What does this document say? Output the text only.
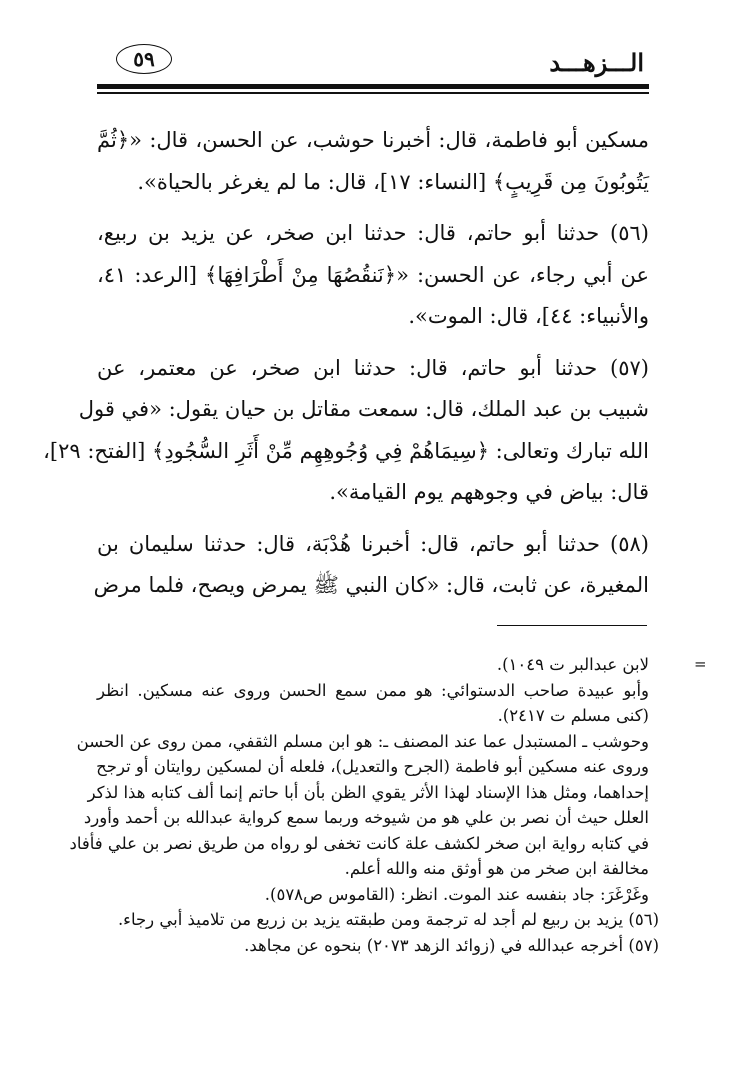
الـــزهـــد
٥٩
مسكين أبو فاطمة، قال: أخبرنا حوشب، عن الحسن، قال: «﴿ثُمَّ
يَتُوبُونَ مِن قَرِيبٍ﴾ [النساء: ١٧]، قال: ما لم يغرغر بالحياة».
(٥٦) حدثنا أبو حاتم، قال: حدثنا ابن صخر، عن يزيد بن ربيع،
عن أبي رجاء، عن الحسن: «﴿نَنقُصُهَا مِنْ أَطْرَافِهَا﴾ [الرعد: ٤١،
والأنبياء: ٤٤]، قال: الموت».
(٥٧) حدثنا أبو حاتم، قال: حدثنا ابن صخر، عن معتمر، عن
شبيب بن عبد الملك، قال: سمعت مقاتل بن حيان يقول: «في قول
الله تبارك وتعالى: ﴿سِيمَاهُمْ فِي وُجُوهِهِم مِّنْ أَثَرِ السُّجُودِ﴾ [الفتح: ٢٩]،
قال: بياض في وجوههم يوم القيامة».
(٥٨) حدثنا أبو حاتم، قال: أخبرنا هُدْبَة، قال: حدثنا سليمان بن
المغيرة، عن ثابت، قال: «كان النبي ﷺ يمرض ويصح، فلما مرض
=
لابن عبدالبر ت ١٠٤٩).
وأبو عبيدة صاحب الدستوائي: هو ممن سمع الحسن وروى عنه مسكين. انظر
(كنى مسلم ت ٢٤١٧).
وحوشب ـ المستبدل عما عند المصنف ـ: هو ابن مسلم الثقفي، ممن روى عن الحسن
وروى عنه مسكين أبو فاطمة (الجرح والتعديل)، فلعله أن لمسكين روايتان أو ترجح
إحداهما، ومثل هذا الإسناد لهذا الأثر يقوي الظن بأن أبا حاتم إنما ألف كتابه هذا لذكر
العلل حيث أن نصر بن علي هو من شيوخه وربما سمع كرواية عبدالله بن أحمد وأورد
في كتابه رواية ابن صخر لكشف علة كانت تخفى لو رواه من طريق نصر بن علي فأفاد
مخالفة ابن صخر من هو أوثق منه والله أعلم.
وغَرْغَرَ: جاد بنفسه عند الموت. انظر: (القاموس ص٥٧٨).
(٥٦) يزيد بن ربيع لم أجد له ترجمة ومن طبقته يزيد بن زريع من تلاميذ أبي رجاء.
(٥٧) أخرجه عبدالله في (زوائد الزهد ٢٠٧٣) بنحوه عن مجاهد.
